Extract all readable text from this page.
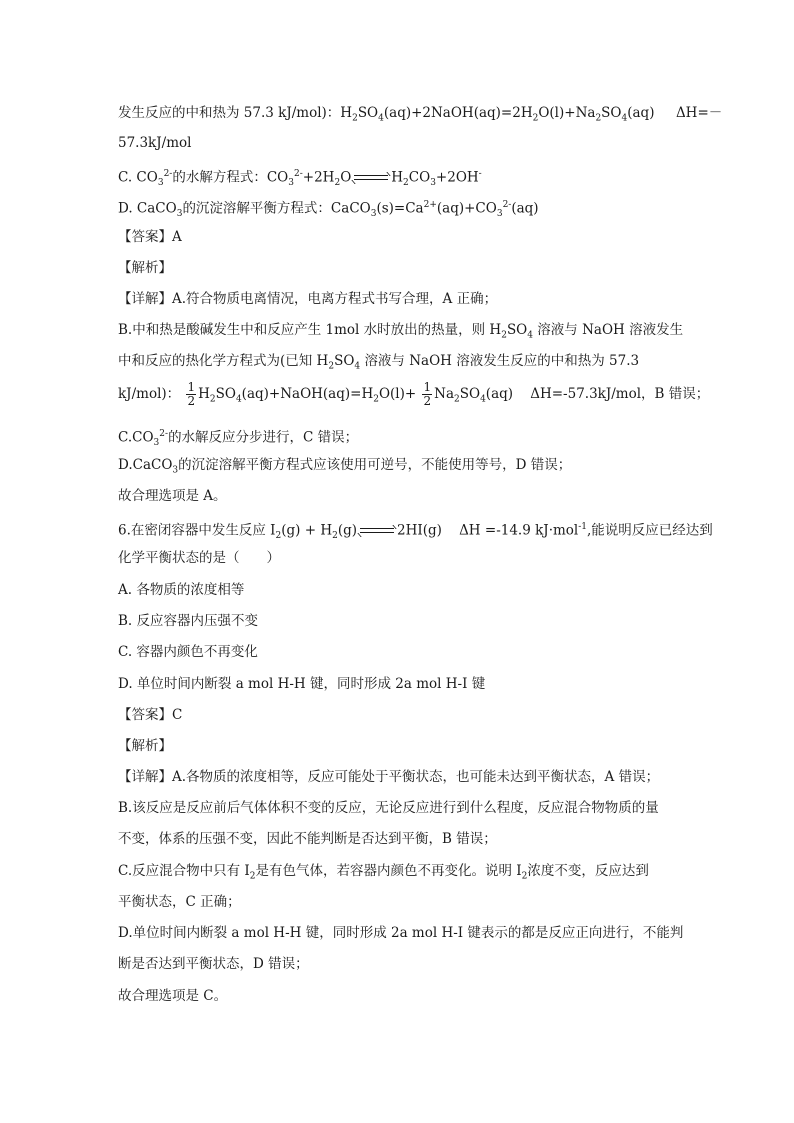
发生反应的中和热为 57.3 kJ/mol)：$H_2SO_4(aq)+2NaOH(aq)=2H_2O(l)+Na_2SO_4(aq)$ ΔH=－
57.3kJ/mol
C. $CO_3^{2-}$的水解方程式：$CO_3^{2-}+2H_2O$	$H_2CO_3+2OH^-$
D. CaCO$_3$的沉淀溶解平衡方程式：$CaCO_3(s)=Ca^{2+}(aq)+CO_3^{2-}(aq)$
【答案】A
【解析】
【详解】A.符合物质电离情况，电离方程式书写合理，A 正确；
B.中和热是酸碱发生中和反应产生 1mol 水时放出的热量，则 $H_2SO_4$ 溶液与 NaOH 溶液发生
中和反应的热化学方程式为(已知 $H_2SO_4$ 溶液与 NaOH 溶液发生反应的中和热为 57.3
kJ/mol)： $\frac{1}{2}$ $H_2SO_4(aq)+NaOH(aq)=H_2O(l)+ \frac{1}{2} Na_2SO_4(aq)$ ΔH=-57.3kJ/mol，B 错误；
$C.CO_3^{2-}$的水解反应分步进行，C 错误；
D.CaCO$_3$的沉淀溶解平衡方程式应该使用可逆号，不能使用等号，D 错误；
故合理选项是 A。
6.在密闭容器中发生反应 $I_2(g) + H_2(g)$	2HI(g) ΔH =-14.9 kJ·mol$^{-1}$,能说明反应已经达到
化学平衡状态的是（　　）
A. 各物质的浓度相等
B. 反应容器内压强不变
C. 容器内颜色不再变化
D. 单位时间内断裂 a mol H-H 键，同时形成 2a mol H-I 键
【答案】C
【解析】
【详解】A.各物质的浓度相等，反应可能处于平衡状态，也可能未达到平衡状态，A 错误；
B.该反应是反应前后气体体积不变的反应，无论反应进行到什么程度，反应混合物物质的量
不变，体系的压强不变，因此不能判断是否达到平衡，B 错误；
C.反应混合物中只有 $I_2$是有色气体，若容器内颜色不再变化。说明 $I_2$浓度不变，反应达到
平衡状态，C 正确；
D.单位时间内断裂 a mol H-H 键，同时形成 2a mol H-I 键表示的都是反应正向进行，不能判
断是否达到平衡状态，D 错误；
故合理选项是 C。
